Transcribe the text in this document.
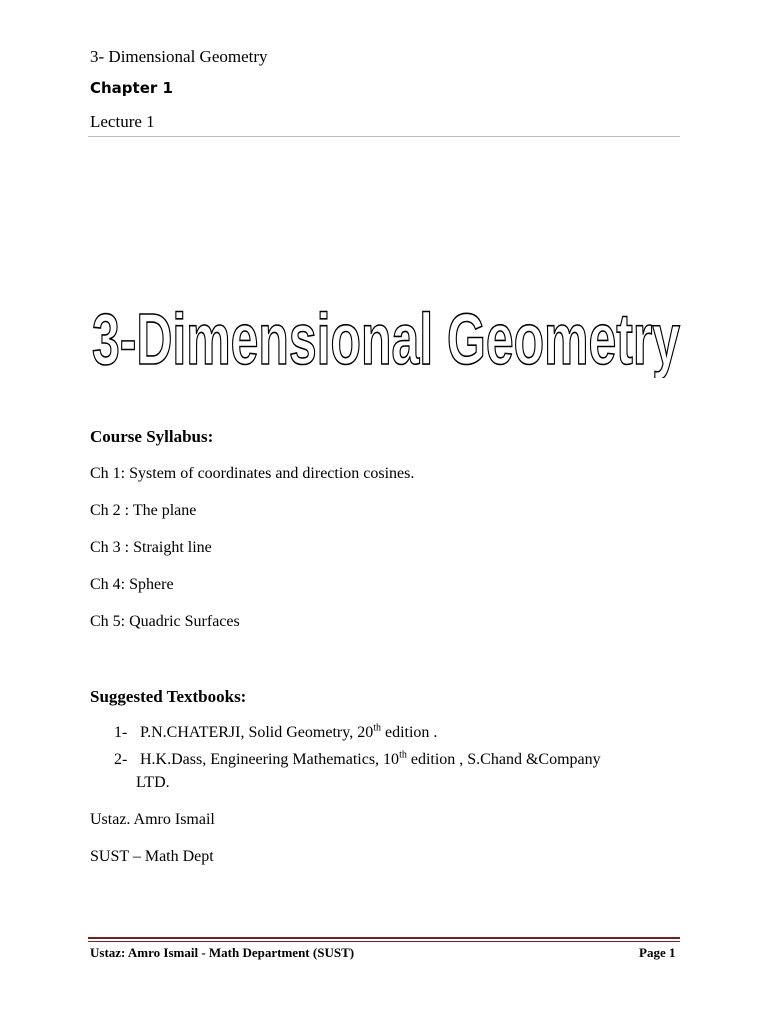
3- Dimensional Geometry
Chapter 1
Lecture 1
3-Dimensional Geometry
Course Syllabus:
Ch 1: System of coordinates and direction cosines.
Ch 2 : The plane
Ch 3 : Straight line
Ch 4: Sphere
Ch 5: Quadric Surfaces
Suggested Textbooks:
1- P.N.CHATERJI, Solid Geometry, 20th edition .
2- H.K.Dass, Engineering Mathematics, 10th edition , S.Chand &Company
LTD.
Ustaz. Amro Ismail
SUST – Math Dept
Ustaz: Amro Ismail - Math Department (SUST)	Page 1
